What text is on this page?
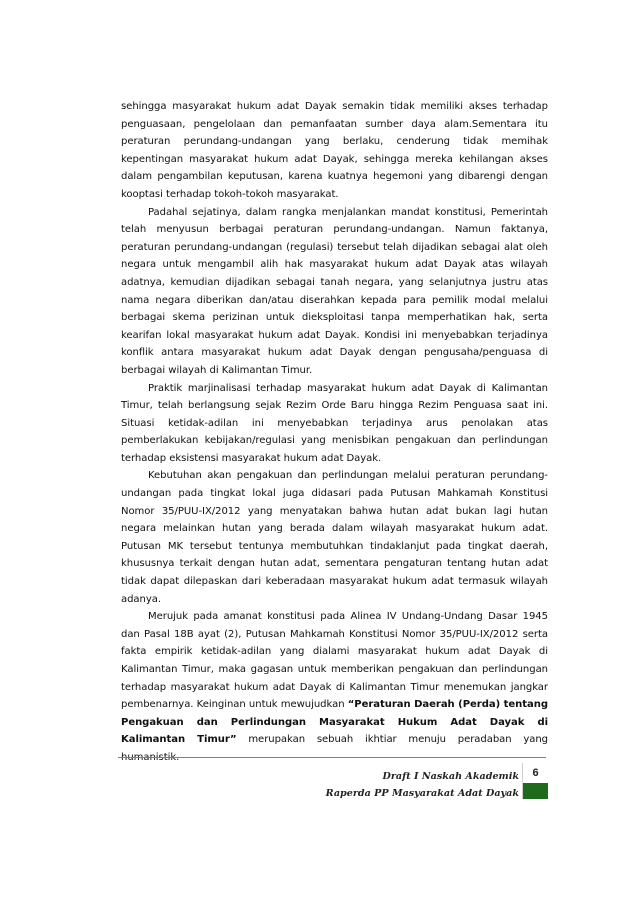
sehingga masyarakat hukum adat Dayak semakin tidak memiliki akses terhadap penguasaan, pengelolaan dan pemanfaatan sumber daya alam.Sementara itu peraturan perundang-undangan yang berlaku, cenderung tidak memihak kepentingan masyarakat hukum adat Dayak, sehingga mereka kehilangan akses dalam pengambilan keputusan, karena kuatnya hegemoni yang dibarengi dengan kooptasi terhadap tokoh-tokoh masyarakat.

Padahal sejatinya, dalam rangka menjalankan mandat konstitusi, Pemerintah telah menyusun berbagai peraturan perundang-undangan. Namun faktanya, peraturan perundang-undangan (regulasi) tersebut telah dijadikan sebagai alat oleh negara untuk mengambil alih hak masyarakat hukum adat Dayak atas wilayah adatnya, kemudian dijadikan sebagai tanah negara, yang selanjutnya justru atas nama negara diberikan dan/atau diserahkan kepada para pemilik modal melalui berbagai skema perizinan untuk dieksploitasi tanpa memperhatikan hak, serta kearifan lokal masyarakat hukum adat Dayak. Kondisi ini menyebabkan terjadinya konflik antara masyarakat hukum adat Dayak dengan pengusaha/penguasa di berbagai wilayah di Kalimantan Timur.

Praktik marjinalisasi terhadap masyarakat hukum adat Dayak di Kalimantan Timur, telah berlangsung sejak Rezim Orde Baru hingga Rezim Penguasa saat ini. Situasi ketidak-adilan ini menyebabkan terjadinya arus penolakan atas pemberlakukan kebijakan/regulasi yang menisbikan pengakuan dan perlindungan terhadap eksistensi masyarakat hukum adat Dayak.

Kebutuhan akan pengakuan dan perlindungan melalui peraturan perundang-undangan pada tingkat lokal juga didasari pada Putusan Mahkamah Konstitusi Nomor 35/PUU-IX/2012 yang menyatakan bahwa hutan adat bukan lagi hutan negara melainkan hutan yang berada dalam wilayah masyarakat hukum adat. Putusan MK tersebut tentunya membutuhkan tindaklanjut pada tingkat daerah, khususnya terkait dengan hutan adat, sementara pengaturan tentang hutan adat tidak dapat dilepaskan dari keberadaan masyarakat hukum adat termasuk wilayah adanya.

Merujuk pada amanat konstitusi pada Alinea IV Undang-Undang Dasar 1945 dan Pasal 18B ayat (2), Putusan Mahkamah Konstitusi Nomor 35/PUU-IX/2012 serta fakta empirik ketidak-adilan yang dialami masyarakat hukum adat Dayak di Kalimantan Timur, maka gagasan untuk memberikan pengakuan dan perlindungan terhadap masyarakat hukum adat Dayak di Kalimantan Timur menemukan jangkar pembenarnya. Keinginan untuk mewujudkan “Peraturan Daerah (Perda) tentang Pengakuan dan Perlindungan Masyarakat Hukum Adat Dayak di Kalimantan Timur” merupakan sebuah ikhtiar menuju peradaban yang humanistik.

Draft I Naskah Akademik
Raperda PP Masyarakat Adat Dayak
6
